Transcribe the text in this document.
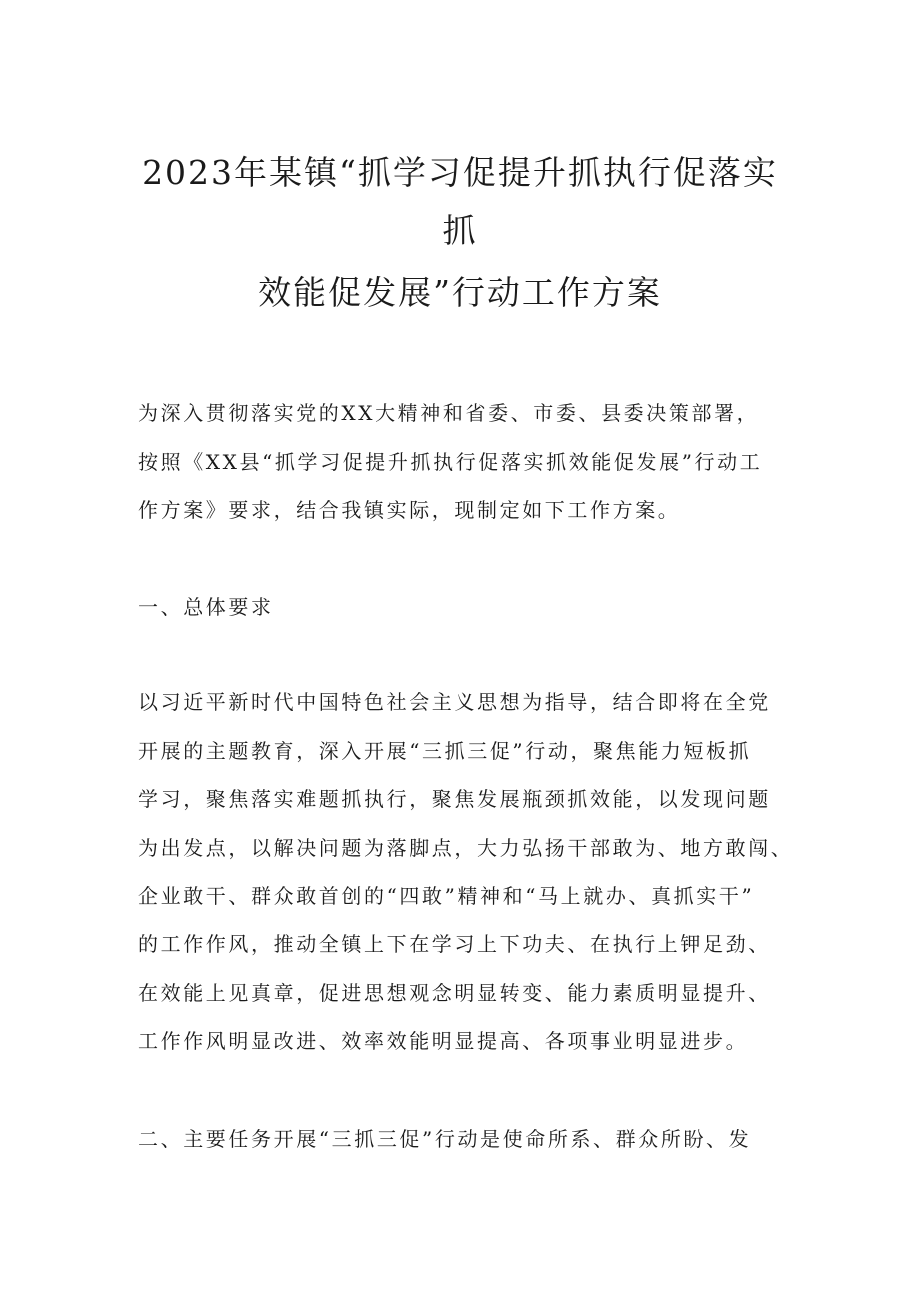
2023年某镇“抓学习促提升抓执行促落实
抓
效能促发展”行动工作方案
为深入贯彻落实党的XX大精神和省委、市委、县委决策部署，
按照《XX县“抓学习促提升抓执行促落实抓效能促发展”行动工
作方案》要求，结合我镇实际，现制定如下工作方案。
一、总体要求
以习近平新时代中国特色社会主义思想为指导，结合即将在全党
开展的主题教育，深入开展“三抓三促”行动，聚焦能力短板抓
学习，聚焦落实难题抓执行，聚焦发展瓶颈抓效能，以发现问题
为出发点，以解决问题为落脚点，大力弘扬干部敢为、地方敢闯、
企业敢干、群众敢首创的“四敢”精神和“马上就办、真抓实干”
的工作作风，推动全镇上下在学习上下功夫、在执行上钾足劲、
在效能上见真章，促进思想观念明显转变、能力素质明显提升、
工作作风明显改进、效率效能明显提高、各项事业明显进步。
二、主要任务开展“三抓三促”行动是使命所系、群众所盼、发
